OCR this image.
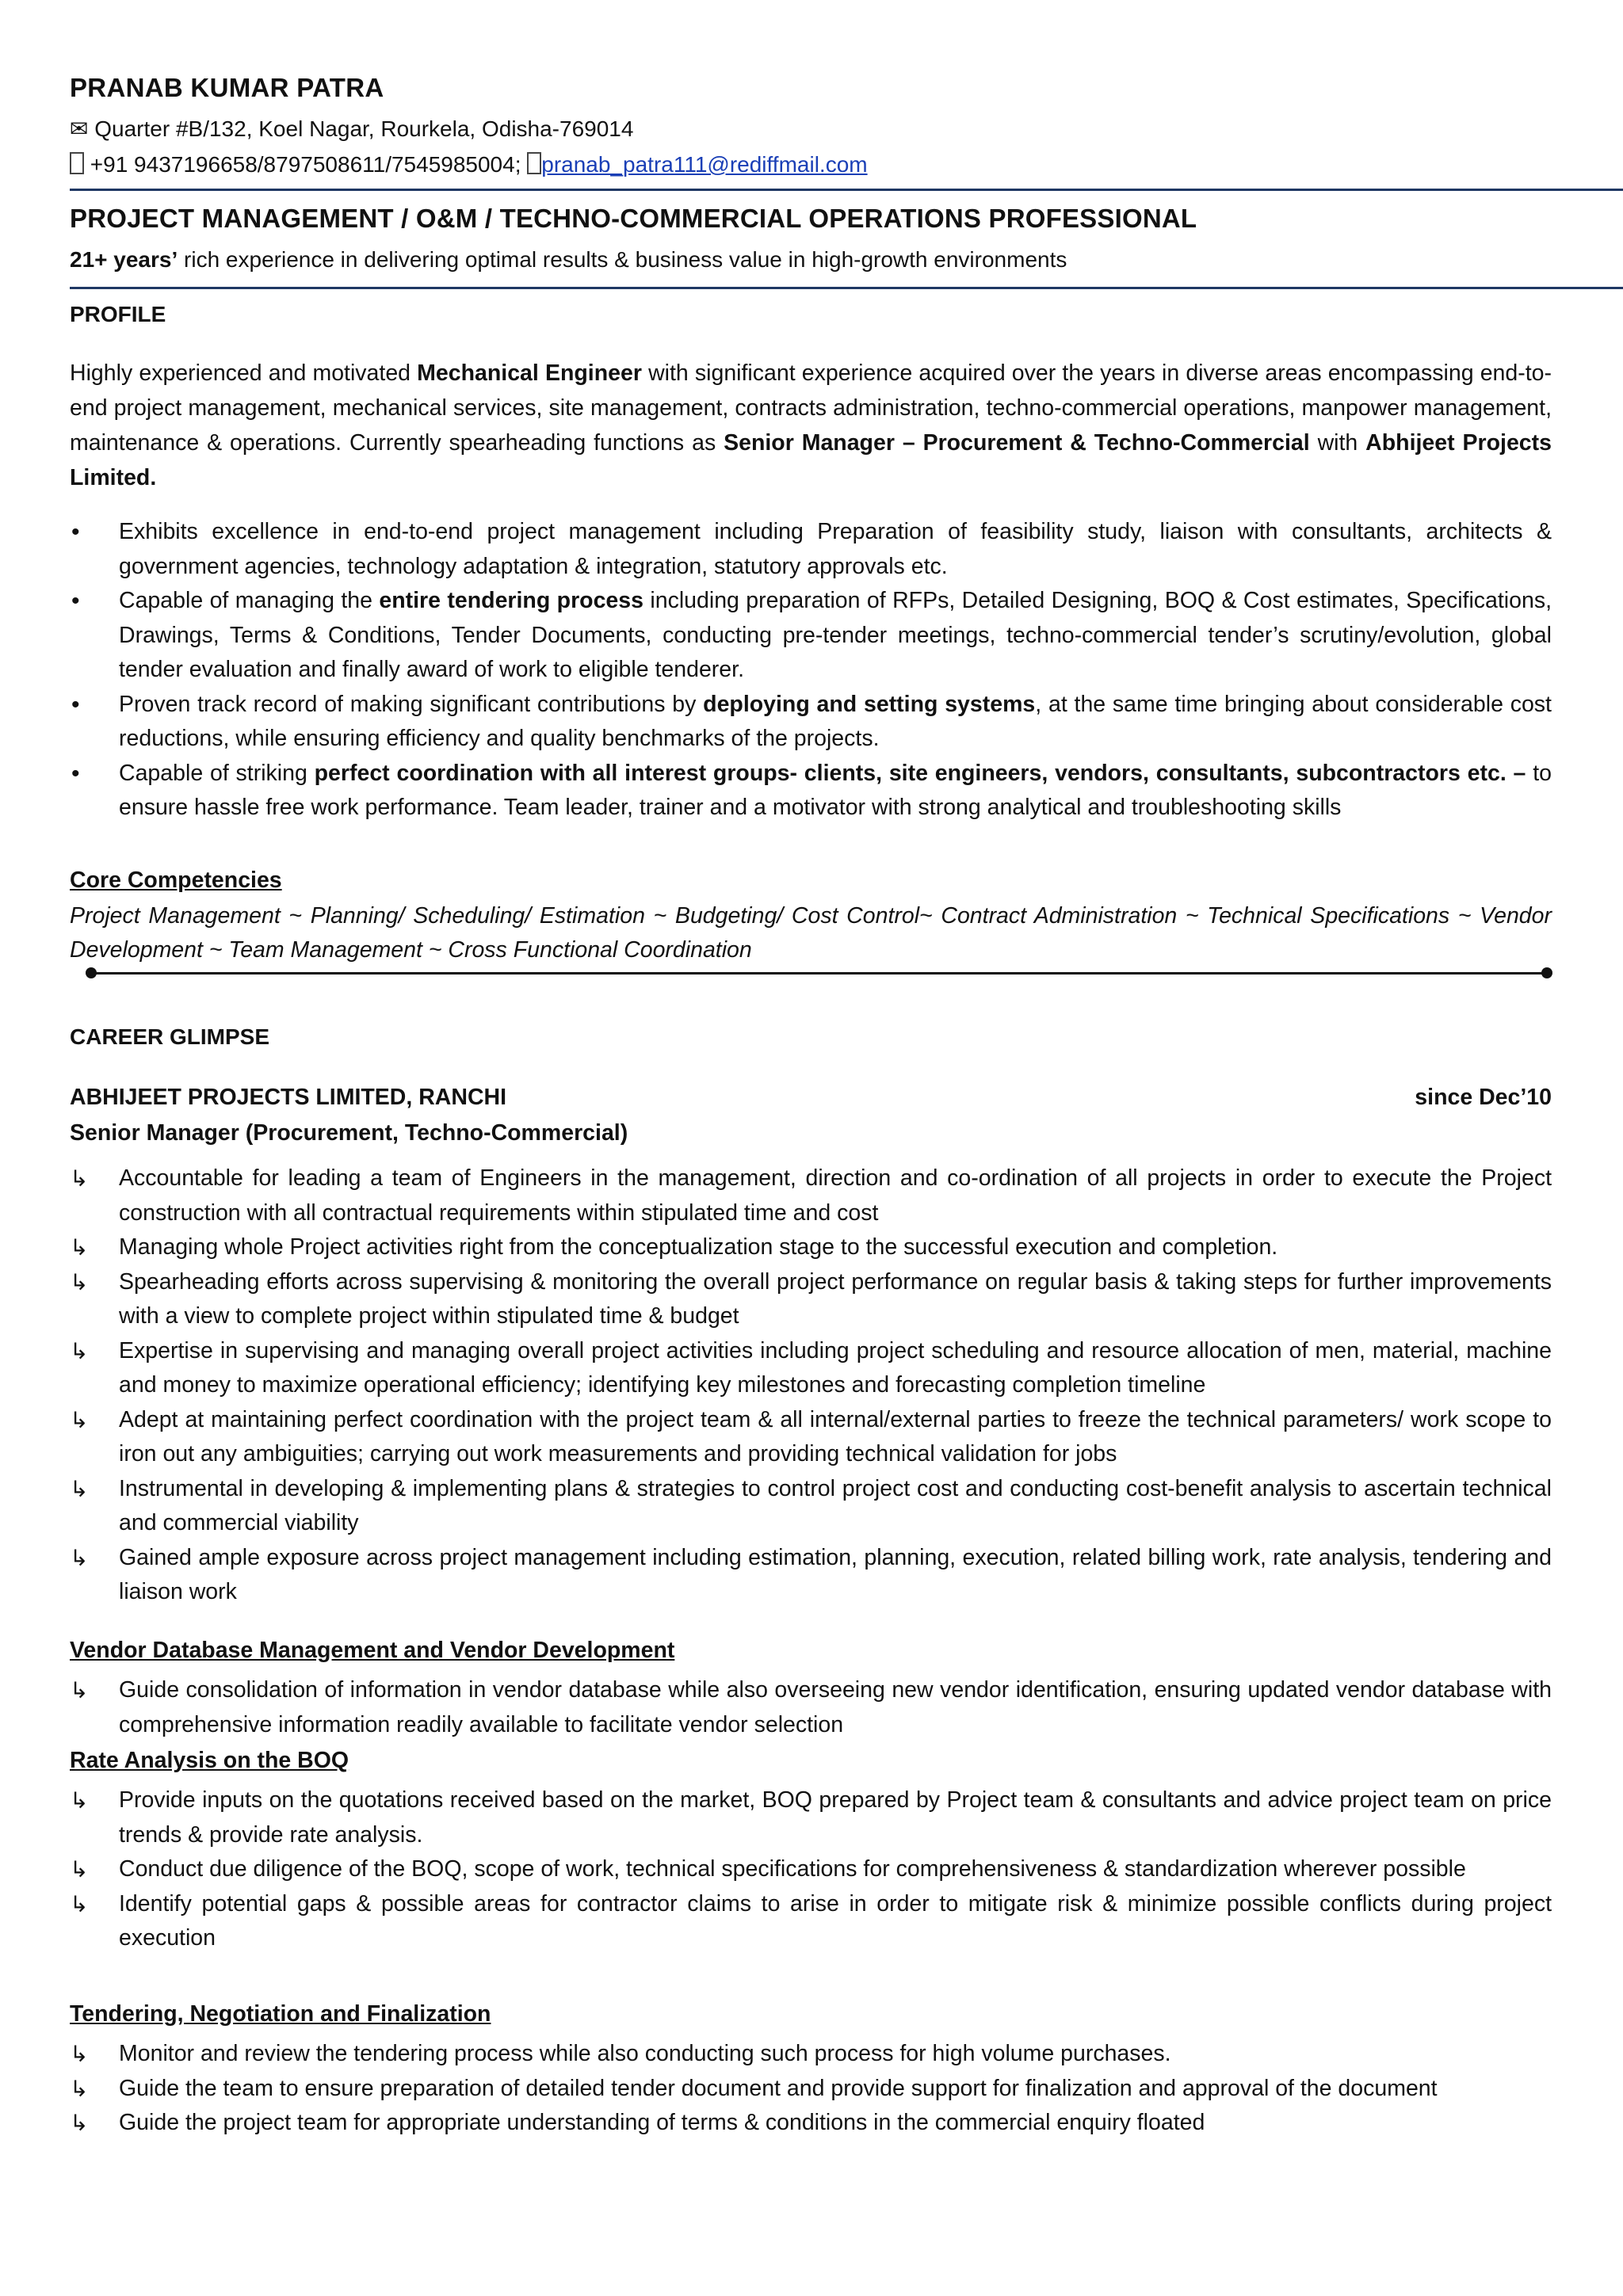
PRANAB KUMAR PATRA
✉ Quarter #B/132, Koel Nagar, Rourkela, Odisha-769014
+91 9437196658/8797508611/7545985004; pranab_patra111@rediffmail.com
PROJECT MANAGEMENT / O&M / TECHNO-COMMERCIAL OPERATIONS PROFESSIONAL
21+ years’ rich experience in delivering optimal results & business value in high-growth environments
PROFILE
Highly experienced and motivated Mechanical Engineer with significant experience acquired over the years in diverse areas encompassing end-to-end project management, mechanical services, site management, contracts administration, techno-commercial operations, manpower management, maintenance & operations. Currently spearheading functions as Senior Manager – Procurement & Techno-Commercial with Abhijeet Projects Limited.
• Exhibits excellence in end-to-end project management including Preparation of feasibility study, liaison with consultants, architects & government agencies, technology adaptation & integration, statutory approvals etc.
• Capable of managing the entire tendering process including preparation of RFPs, Detailed Designing, BOQ & Cost estimates, Specifications, Drawings, Terms & Conditions, Tender Documents, conducting pre-tender meetings, techno-commercial tender’s scrutiny/evolution, global tender evaluation and finally award of work to eligible tenderer.
• Proven track record of making significant contributions by deploying and setting systems, at the same time bringing about considerable cost reductions, while ensuring efficiency and quality benchmarks of the projects.
• Capable of striking perfect coordination with all interest groups- clients, site engineers, vendors, consultants, subcontractors etc. – to ensure hassle free work performance. Team leader, trainer and a motivator with strong analytical and troubleshooting skills
Core Competencies
Project Management ~ Planning/ Scheduling/ Estimation ~ Budgeting/ Cost Control~ Contract Administration ~ Technical Specifications ~ Vendor Development ~ Team Management ~ Cross Functional Coordination
CAREER GLIMPSE
ABHIJEET PROJECTS LIMITED, RANCHI	since Dec’10
Senior Manager (Procurement, Techno-Commercial)
↳ Accountable for leading a team of Engineers in the management, direction and co-ordination of all projects in order to execute the Project construction with all contractual requirements within stipulated time and cost
↳ Managing whole Project activities right from the conceptualization stage to the successful execution and completion.
↳ Spearheading efforts across supervising & monitoring the overall project performance on regular basis & taking steps for further improvements with a view to complete project within stipulated time & budget
↳ Expertise in supervising and managing overall project activities including project scheduling and resource allocation of men, material, machine and money to maximize operational efficiency; identifying key milestones and forecasting completion timeline
↳ Adept at maintaining perfect coordination with the project team & all internal/external parties to freeze the technical parameters/ work scope to iron out any ambiguities; carrying out work measurements and providing technical validation for jobs
↳ Instrumental in developing & implementing plans & strategies to control project cost and conducting cost-benefit analysis to ascertain technical and commercial viability
↳ Gained ample exposure across project management including estimation, planning, execution, related billing work, rate analysis, tendering and liaison work
Vendor Database Management and Vendor Development
↳ Guide consolidation of information in vendor database while also overseeing new vendor identification, ensuring updated vendor database with comprehensive information readily available to facilitate vendor selection
Rate Analysis on the BOQ
↳ Provide inputs on the quotations received based on the market, BOQ prepared by Project team & consultants and advice project team on price trends & provide rate analysis.
↳ Conduct due diligence of the BOQ, scope of work, technical specifications for comprehensiveness & standardization wherever possible
↳ Identify potential gaps & possible areas for contractor claims to arise in order to mitigate risk & minimize possible conflicts during project execution
Tendering, Negotiation and Finalization
↳ Monitor and review the tendering process while also conducting such process for high volume purchases.
↳ Guide the team to ensure preparation of detailed tender document and provide support for finalization and approval of the document
↳ Guide the project team for appropriate understanding of terms & conditions in the commercial enquiry floated
